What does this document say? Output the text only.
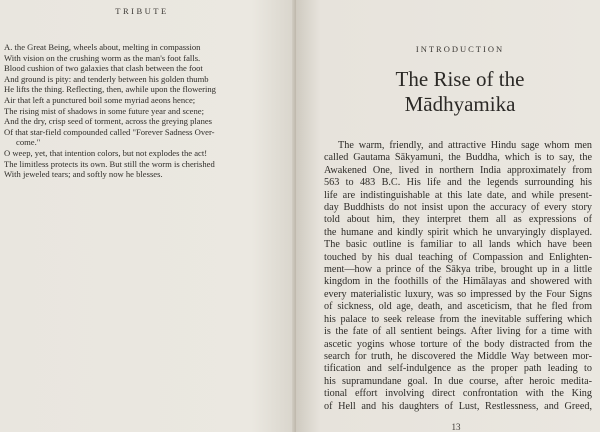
TRIBUTE
A. the Great Being, wheels about, melting in compassion
With vision on the crushing worm as the man's foot falls.
Blood cushion of two galaxies that clash between the foot
And ground is pity: and tenderly between his golden thumb
He lifts the thing. Reflecting, then, awhile upon the flowering
Air that left a punctured boil some myriad aeons hence;
The rising mist of shadows in some future year and scene;
And the dry, crisp seed of torment, across the greying planes
Of that star-field compounded called "Forever Sadness Over-
come."
O weep, yet, that intention colors, but not explodes the act!
The limitless protects its own. But still the worm is cherished
With jeweled tears; and softly now he blesses.
INTRODUCTION
The Rise of the Mādhyamika
The warm, friendly, and attractive Hindu sage whom men
called Gautama Śākyamuni, the Buddha, which is to say, the
Awakened One, lived in northern India approximately from
563 to 483 B.C. His life and the legends surrounding his
life are indistinguishable at this late date, and while present-
day Buddhists do not insist upon the accuracy of every story
told about him, they interpret them all as expressions of
the humane and kindly spirit which he unvaryingly displayed.
The basic outline is familiar to all lands which have been
touched by his dual teaching of Compassion and Enlighten-
ment—how a prince of the Śākya tribe, brought up in a little
kingdom in the foothills of the Himālayas and showered with
every materialistic luxury, was so impressed by the Four Signs
of sickness, old age, death, and asceticism, that he fled from
his palace to seek release from the inevitable suffering which
is the fate of all sentient beings. After living for a time with
ascetic yogins whose torture of the body distracted from the
search for truth, he discovered the Middle Way between mor-
tification and self-indulgence as the proper path leading to
his supramundane goal. In due course, after heroic medita-
tional effort involving direct confrontation with the King
of Hell and his daughters of Lust, Restlessness, and Greed,
13
